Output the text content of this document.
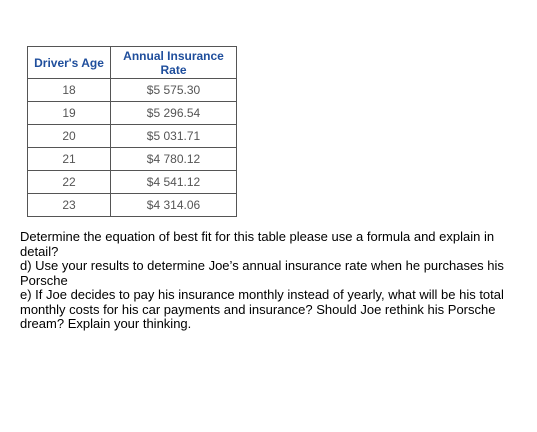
Driver's Age	Annual Insurance Rate
18	$5 575.30
19	$5 296.54
20	$5 031.71
21	$4 780.12
22	$4 541.12
23	$4 314.06

Determine the equation of best fit for this table please use a formula and explain in detail?

d) Use your results to determine Joe’s annual insurance rate when he purchases his Porsche

e) If Joe decides to pay his insurance monthly instead of yearly, what will be his total monthly costs for his car payments and insurance? Should Joe rethink his Porsche dream? Explain your thinking.
